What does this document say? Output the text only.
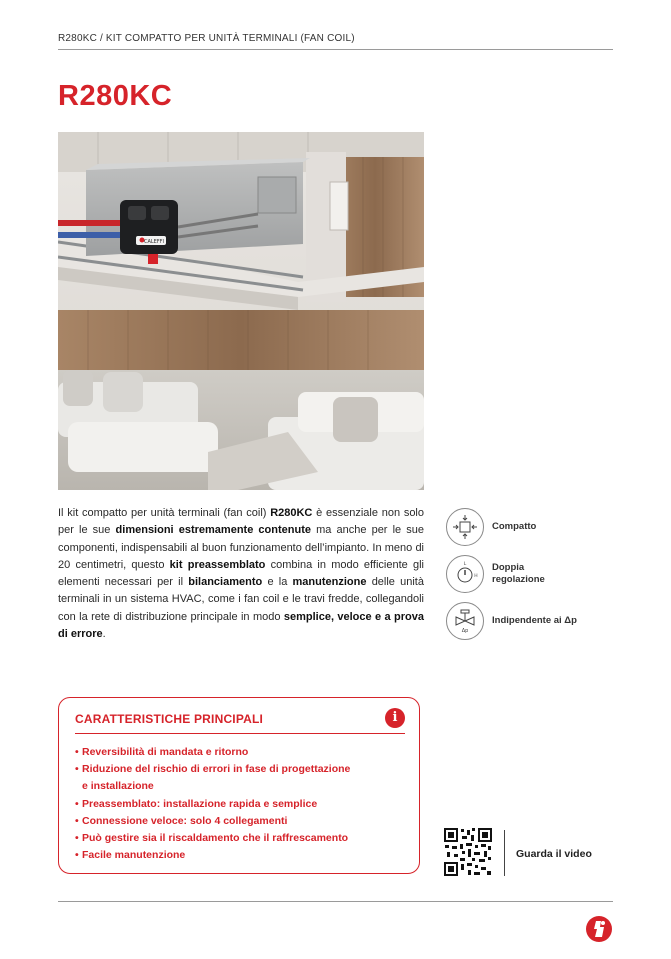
R280KC / KIT COMPATTO PER UNITÀ TERMINALI (FAN COIL)
R280KC
CALEFFI

Il kit compatto per unità terminali (fan coil) R280KC è essenziale non solo per le sue dimensioni estremamente contenute ma anche per le sue componenti, indispensabili al buon funzionamento dell’impianto. In meno di 20 centimetri, questo kit preassemblato combina in modo efficiente gli elementi necessari per il bilanciamento e la manutenzione delle unità terminali in un sistema HVAC, come i fan coil e le travi fredde, collegandoli con la rete di distribuzione principale in modo semplice, veloce e a prova di errore.

Compatto
L
H
Doppia regolazione
Δp
Indipendente ai Δp
CARATTERISTICHE PRINCIPALI	i
• Reversibilità di mandata e ritorno
• Riduzione del rischio di errori in fase di progettazione
e installazione
• Preassemblato: installazione rapida e semplice
• Connessione veloce: solo 4 collegamenti
• Può gestire sia il riscaldamento che il raffrescamento
• Facile manutenzione	Guarda il video
